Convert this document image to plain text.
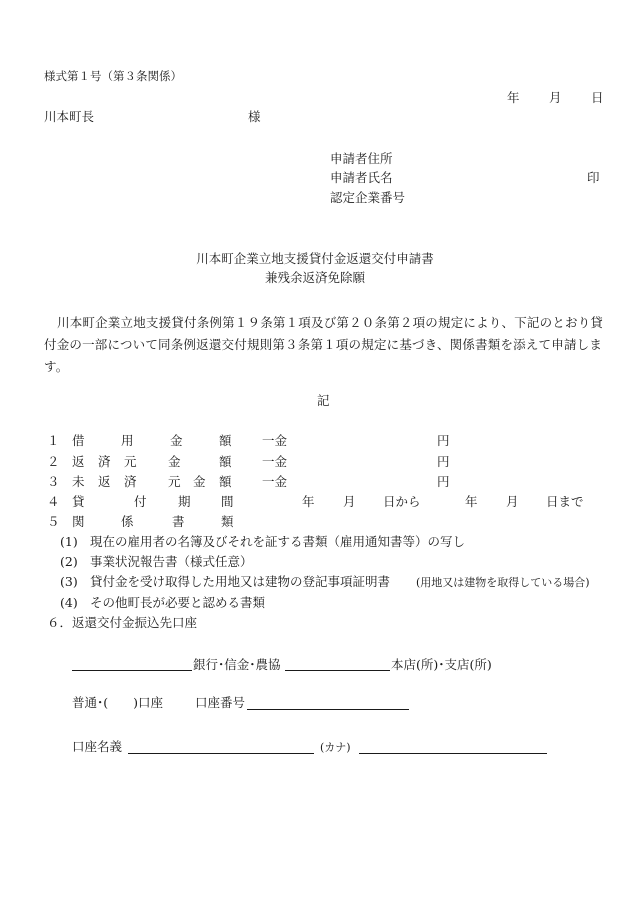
様式第１号（第３条関係）
年 月 日
川本町長	様
申請者住所
申請者氏名	印
認定企業番号
川本町企業立地支援貸付金返還交付申請書
兼残余返済免除願
川本町企業立地支援貸付条例第１９条第１項及び第２０条第２項の規定により、下記のとおり貸付金の一部について同条例返還交付規則第３条第１項の規定に基づき、関係書類を添えて申請します。
記
１ 借	用	金	額 一金	円
２ 返 済 元	金	額 一金	円
３ 未 返 済	元 金 額 一金	円
４ 貸	付	期 間	年 月 日から	年 月 日まで
５ 関	係	書	類
(1) 現在の雇用者の名簿及びそれを証する書類（雇用通知書等）の写し
(2) 事業状況報告書（様式任意）
(3) 貸付金を受け取得した用地又は建物の登記事項証明書 (用地又は建物を取得している場合)
(4) その他町長が必要と認める書類
６．返還交付金振込先口座
銀行･信金･農協	本店(所)･支店(所)
普通･(　　)口座	口座番号
口座名義	(カナ)
